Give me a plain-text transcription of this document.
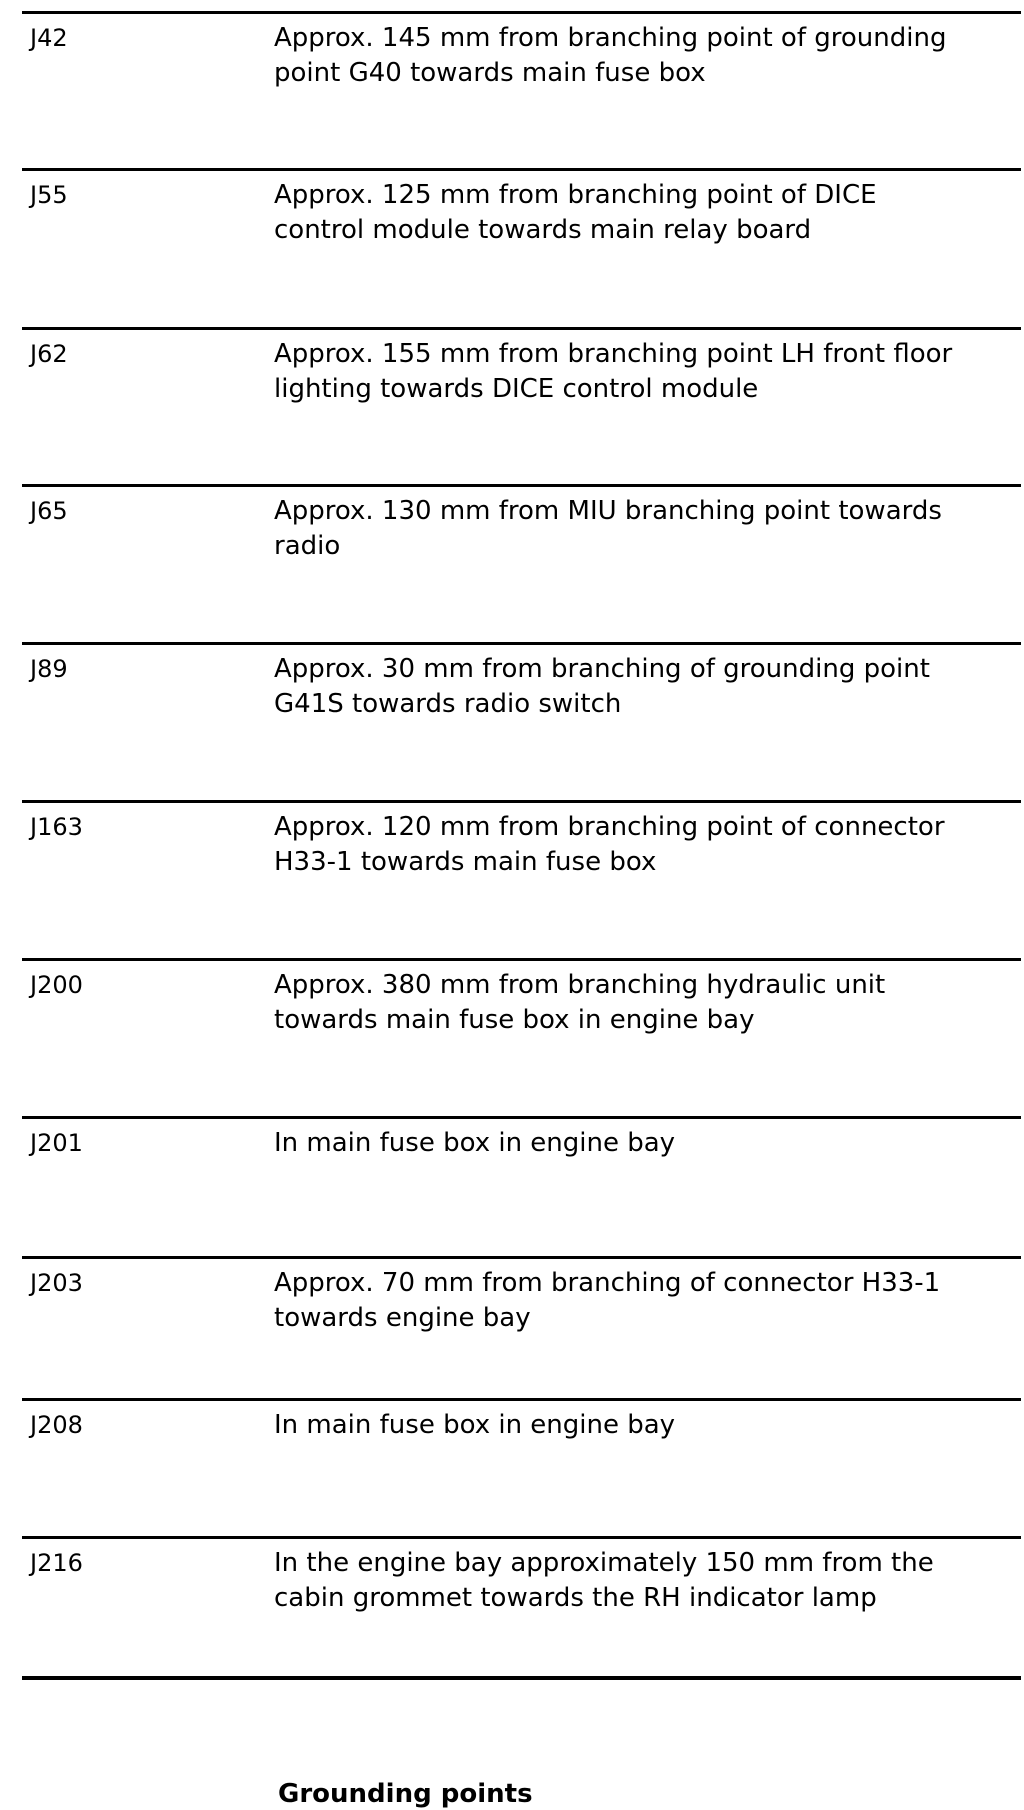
J42	Approx. 145 mm from branching point of grounding
point G40 towards main fuse box
J55	Approx. 125 mm from branching point of DICE
control module towards main relay board
J62	Approx. 155 mm from branching point LH front floor
lighting towards DICE control module
J65	Approx. 130 mm from MIU branching point towards
radio
J89	Approx. 30 mm from branching of grounding point
G41S towards radio switch
J163	Approx. 120 mm from branching point of connector
H33-1 towards main fuse box
J200	Approx. 380 mm from branching hydraulic unit
towards main fuse box in engine bay
J201	In main fuse box in engine bay
J203	Approx. 70 mm from branching of connector H33-1
towards engine bay
J208	In main fuse box in engine bay
J216	In the engine bay approximately 150 mm from the
cabin grommet towards the RH indicator lamp
Grounding points
